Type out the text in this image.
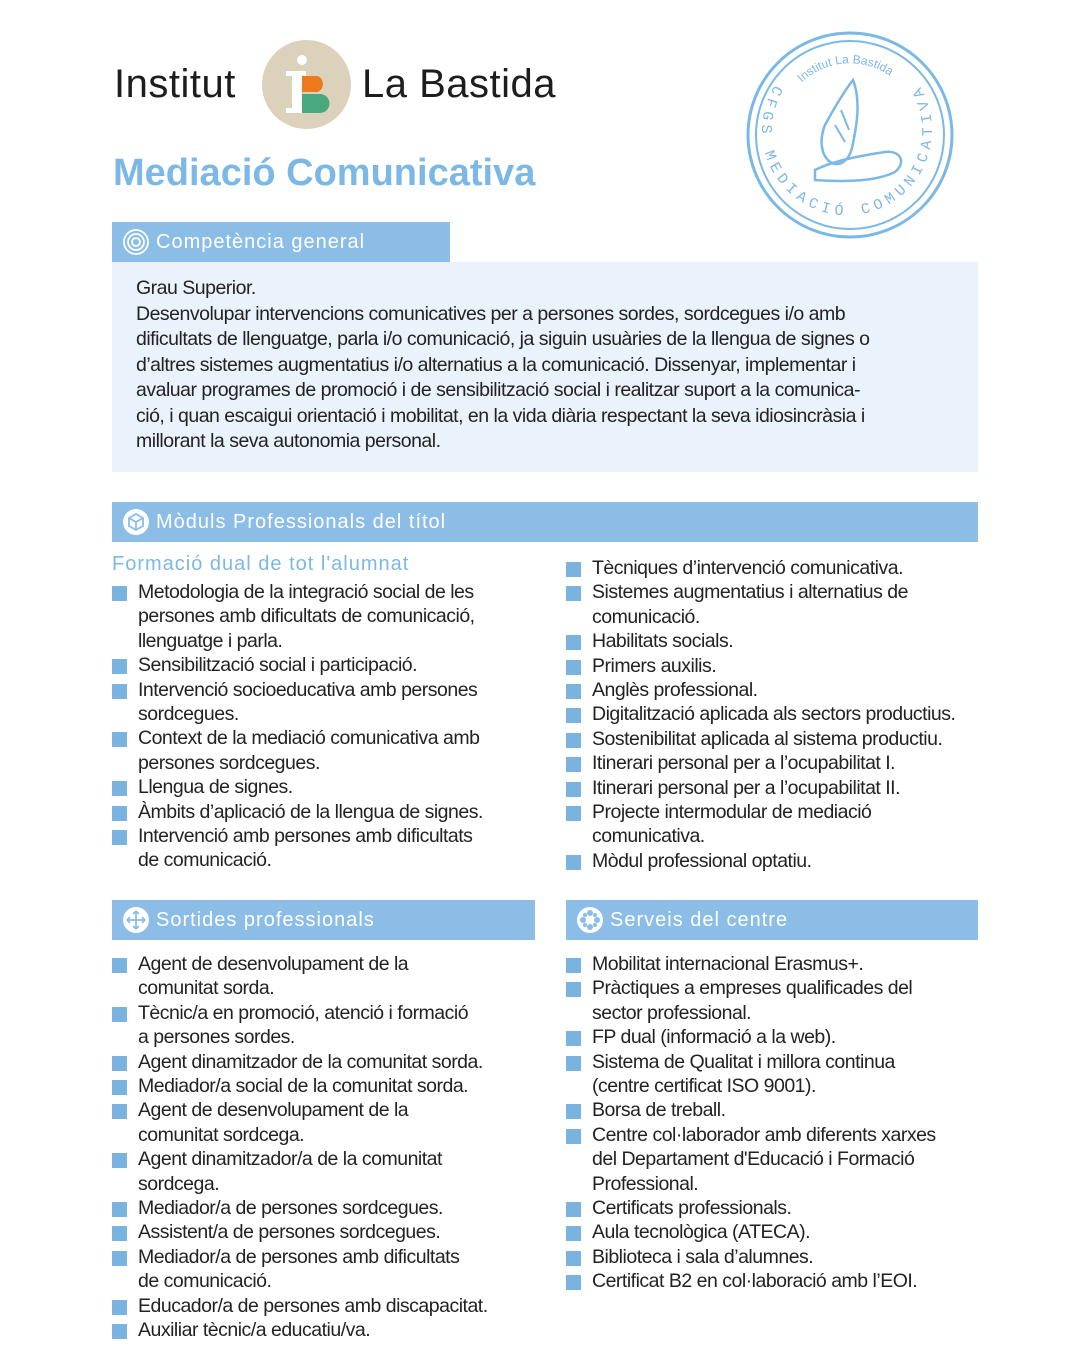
Institut	La Bastida
Mediació Comunicativa
Institut La Bastida
CFGS MEDIACIÓ COMUNICATIVA
Competència general
Grau Superior.
Desenvolupar intervencions comunicatives per a persones sordes, sordcegues i/o amb
dificultats de llenguatge, parla i/o comunicació, ja siguin usuàries de la llengua de signes o
d’altres sistemes augmentatius i/o alternatius a la comunicació. Dissenyar, implementar i
avaluar programes de promoció i de sensibilització social i realitzar suport a la comunica-
ció, i quan escaigui orientació i mobilitat, en la vida diària respectant la seva idiosincràsia i
millorant la seva autonomia personal.
Mòduls Professionals del títol
Formació dual de tot l'alumnat
Metodologia de la integració social de les
persones amb dificultats de comunicació,
llenguatge i parla.
Sensibilització social i participació.
Intervenció socioeducativa amb persones
sordcegues.
Context de la mediació comunicativa amb
persones sordcegues.
Llengua de signes.
Àmbits d’aplicació de la llengua de signes.
Intervenció amb persones amb dificultats
de comunicació.
Tècniques d’intervenció comunicativa.
Sistemes augmentatius i alternatius de
comunicació.
Habilitats socials.
Primers auxilis.
Anglès professional.
Digitalització aplicada als sectors productius.
Sostenibilitat aplicada al sistema productiu.
Itinerari personal per a l’ocupabilitat I.
Itinerari personal per a l’ocupabilitat II.
Projecte intermodular de mediació
comunicativa.
Mòdul professional optatiu.
Sortides professionals
Agent de desenvolupament de la
comunitat sorda.
Tècnic/a en promoció, atenció i formació
a persones sordes.
Agent dinamitzador de la comunitat sorda.
Mediador/a social de la comunitat sorda.
Agent de desenvolupament de la
comunitat sordcega.
Agent dinamitzador/a de la comunitat
sordcega.
Mediador/a de persones sordcegues.
Assistent/a de persones sordcegues.
Mediador/a de persones amb dificultats
de comunicació.
Educador/a de persones amb discapacitat.
Auxiliar tècnic/a educatiu/va.
Serveis del centre
Mobilitat internacional Erasmus+.
Pràctiques a empreses qualificades del
sector professional.
FP dual (informació a la web).
Sistema de Qualitat i millora continua
(centre certificat ISO 9001).
Borsa de treball.
Centre col·laborador amb diferents xarxes
del Departament d'Educació i Formació
Professional.
Certificats professionals.
Aula tecnològica (ATECA).
Biblioteca i sala d’alumnes.
Certificat B2 en col·laboració amb l’EOI.
